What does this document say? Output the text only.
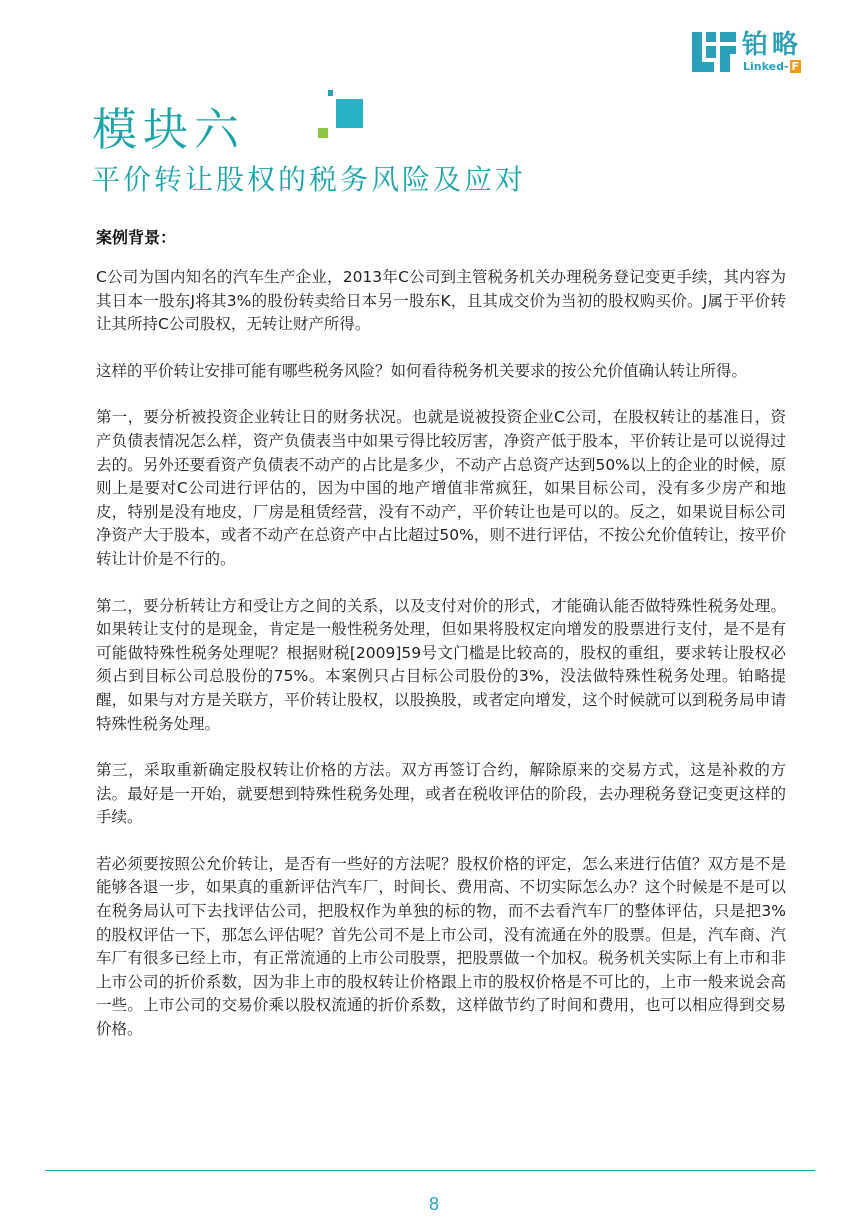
铂略
Linked- F
模块六
平价转让股权的税务风险及应对

案例背景：

C公司为国内知名的汽车生产企业，2013年C公司到主管税务机关办理税务登记变更手续，其内容为其日本一股东J将其3%的股份转卖给日本另一股东K，且其成交价为当初的股权购买价。J属于平价转让其所持C公司股权，无转让财产所得。

这样的平价转让安排可能有哪些税务风险？如何看待税务机关要求的按公允价值确认转让所得。

第一，要分析被投资企业转让日的财务状况。也就是说被投资企业C公司，在股权转让的基准日，资产负债表情况怎么样，资产负债表当中如果亏得比较厉害，净资产低于股本，平价转让是可以说得过去的。另外还要看资产负债表不动产的占比是多少，不动产占总资产达到50%以上的企业的时候，原则上是要对C公司进行评估的，因为中国的地产增值非常疯狂，如果目标公司，没有多少房产和地皮，特别是没有地皮，厂房是租赁经营，没有不动产，平价转让也是可以的。反之，如果说目标公司净资产大于股本，或者不动产在总资产中占比超过50%，则不进行评估，不按公允价值转让，按平价转让计价是不行的。

第二，要分析转让方和受让方之间的关系，以及支付对价的形式，才能确认能否做特殊性税务处理。如果转让支付的是现金，肯定是一般性税务处理，但如果将股权定向增发的股票进行支付，是不是有可能做特殊性税务处理呢？根据财税[2009]59号文门槛是比较高的，股权的重组，要求转让股权必须占到目标公司总股份的75%。本案例只占目标公司股份的3%，没法做特殊性税务处理。铂略提醒，如果与对方是关联方，平价转让股权，以股换股，或者定向增发，这个时候就可以到税务局申请特殊性税务处理。

第三，采取重新确定股权转让价格的方法。双方再签订合约，解除原来的交易方式，这是补救的方法。最好是一开始，就要想到特殊性税务处理，或者在税收评估的阶段，去办理税务登记变更这样的手续。

若必须要按照公允价转让，是否有一些好的方法呢？股权价格的评定，怎么来进行估值？双方是不是能够各退一步，如果真的重新评估汽车厂，时间长、费用高、不切实际怎么办？这个时候是不是可以在税务局认可下去找评估公司，把股权作为单独的标的物，而不去看汽车厂的整体评估，只是把3%的股权评估一下，那怎么评估呢？首先公司不是上市公司，没有流通在外的股票。但是，汽车商、汽车厂有很多已经上市，有正常流通的上市公司股票，把股票做一个加权。税务机关实际上有上市和非上市公司的折价系数，因为非上市的股权转让价格跟上市的股权价格是不可比的，上市一般来说会高一些。上市公司的交易价乘以股权流通的折价系数，这样做节约了时间和费用，也可以相应得到交易价格。

8
